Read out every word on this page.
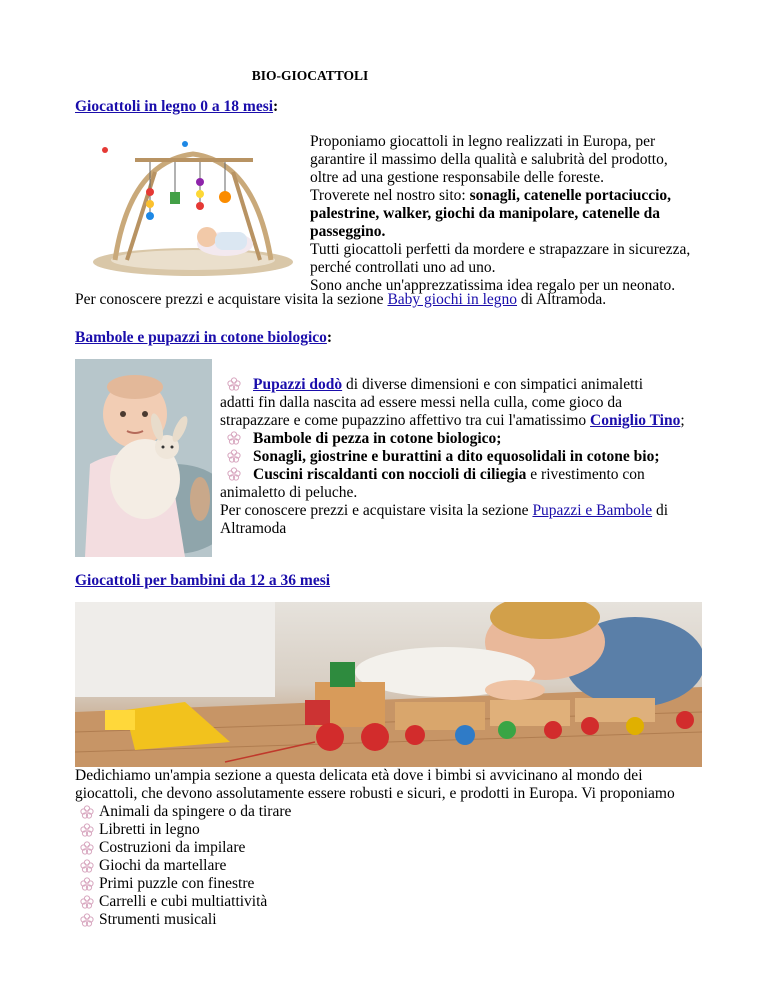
BIO-GIOCATTOLI
Giocattoli in legno 0 a 18 mesi:
Proponiamo giocattoli in legno realizzati in Europa, per
garantire il massimo della qualità e salubrità del prodotto,
oltre ad una gestione responsabile delle foreste.
Troverete nel nostro sito: sonagli, catenelle portaciuccio,
palestrine, walker, giochi da manipolare, catenelle da
passeggino.
Tutti giocattoli perfetti da mordere e strapazzare in sicurezza,
perché controllati uno ad uno.
Sono anche un'apprezzatissima idea regalo per un neonato.
Per conoscere prezzi e acquistare visita la sezione Baby giochi in legno di Altramoda.
Bambole e pupazzi in cotone biologico:
Pupazzi dodò di diverse dimensioni e con simpatici animaletti
adatti fin dalla nascita ad essere messi nella culla, come gioco da
strapazzare e come pupazzino affettivo tra cui l'amatissimo Coniglio Tino;
Bambole di pezza in cotone biologico;
Sonagli, giostrine e burattini a dito equosolidali in cotone bio;
Cuscini riscaldanti con noccioli di ciliegia e rivestimento con
animaletto di peluche.
Per conoscere prezzi e acquistare visita la sezione Pupazzi e Bambole di
Altramoda
Giocattoli per bambini da 12 a 36 mesi
Dedichiamo un'ampia sezione a questa delicata età dove i bimbi si avvicinano al mondo dei
giocattoli, che devono assolutamente essere robusti e sicuri, e prodotti in Europa. Vi proponiamo
Animali da spingere o da tirare
Libretti in legno
Costruzioni da impilare
Giochi da martellare
Primi puzzle con finestre
Carrelli e cubi multiattività
Strumenti musicali
